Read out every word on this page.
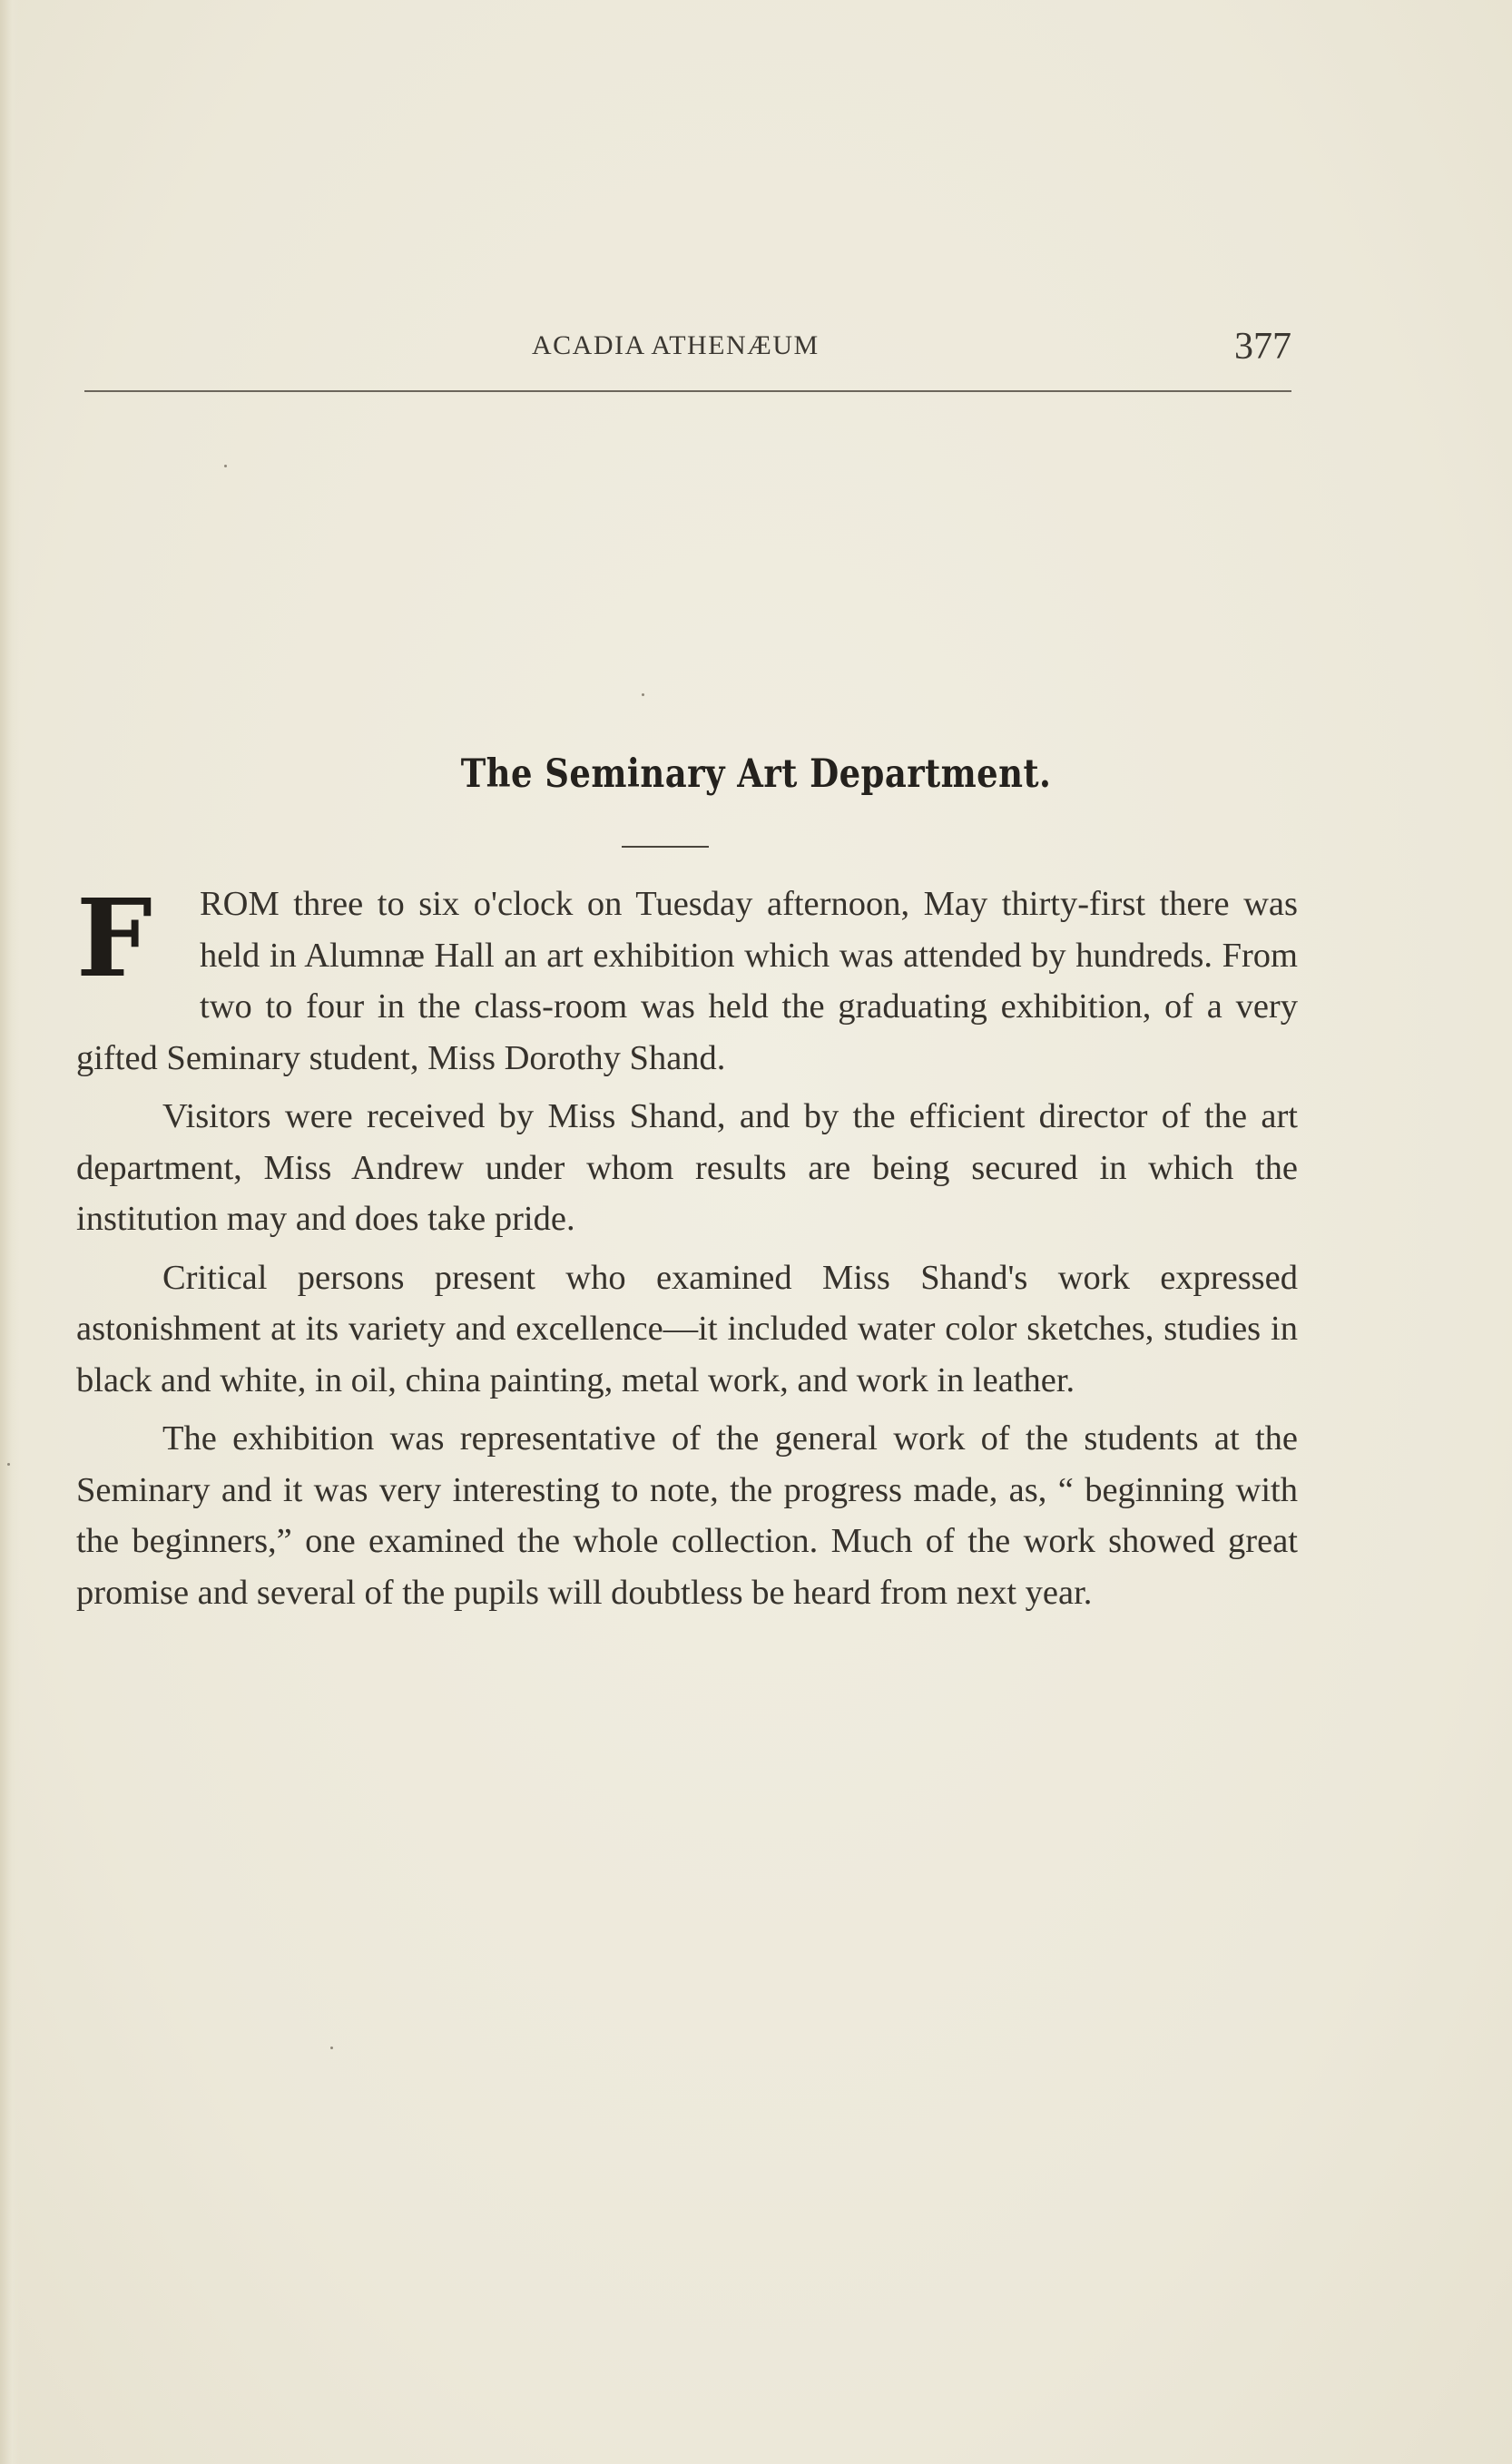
ACADIA ATHENÆUM	377
The Seminary Art Department.

F	ROM three to six o'clock on Tuesday afternoon, May thirty-first there was held in Alumnæ Hall an art exhibition which was attended by hundreds. From two to four in the class-room was held the graduating exhibition, of a very gifted Seminary student, Miss Dorothy Shand.

Visitors were received by Miss Shand, and by the efficient director of the art department, Miss Andrew under whom results are being secured in which the institution may and does take pride.

Critical persons present who examined Miss Shand's work expressed astonishment at its variety and excellence—it included water color sketches, studies in black and white, in oil, china painting, metal work, and work in leather.

The exhibition was representative of the general work of the students at the Seminary and it was very interesting to note, the progress made, as, “ beginning with the beginners,” one examined the whole collection. Much of the work showed great promise and several of the pupils will doubtless be heard from next year.
